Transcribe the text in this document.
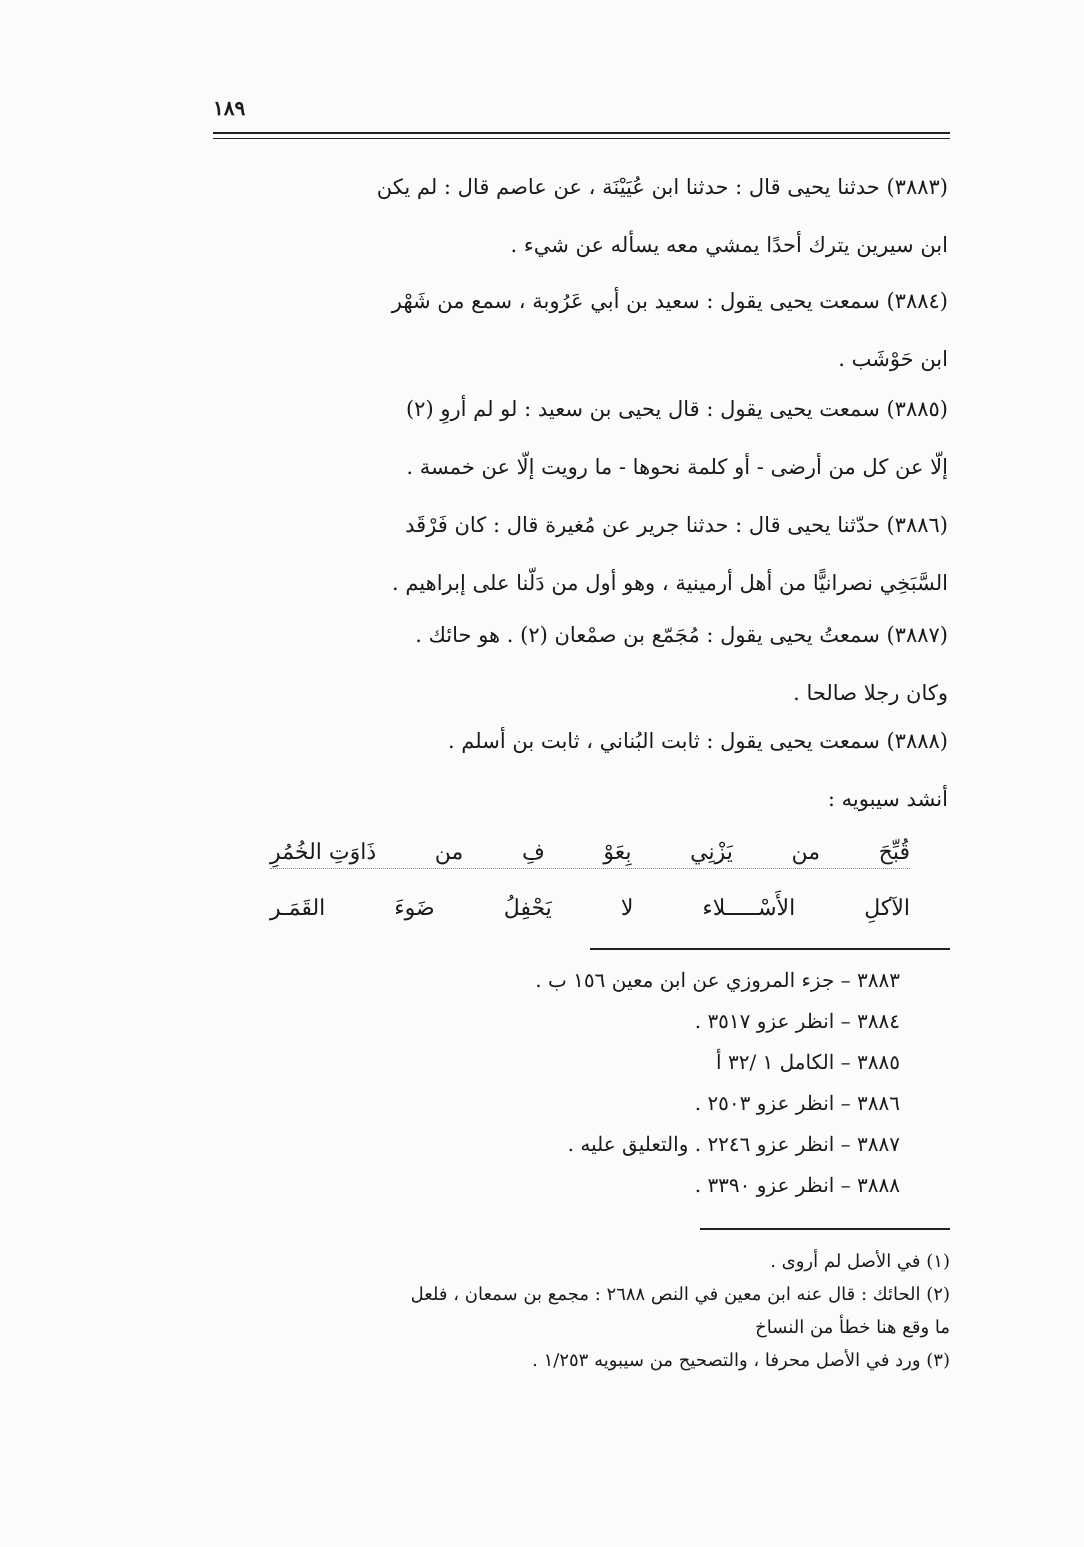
١٨٩
(٣٨٨٣) حدثنا يحيى قال : حدثنا ابن عُيَيْنَة ، عن عاصم قال : لم يكن
ابن سيرين يترك أحدًا يمشي معه يسأله عن شيء .
(٣٨٨٤) سمعت يحيى يقول : سعيد بن أبي عَرُوبة ، سمع من شَهْر
ابن حَوْشَب .
(٣٨٨٥) سمعت يحيى يقول : قال يحيى بن سعيد : لو لم أروِ (٢)
إلّا عن كل من أرضى - أو كلمة نحوها - ما رويت إلّا عن خمسة .
(٣٨٨٦) حدّثنا يحيى قال : حدثنا جرير عن مُغيرة قال : كان فَرْقَد
السَّبَخِي نصرانيًّا من أهل أرمينية ، وهو أول من دَلّنا على إبراهيم .
(٣٨٨٧) سمعتُ يحيى يقول : مُجَمّع بن صمْعان (٢) . هو حائك .
وكان رجلا صالحا .
(٣٨٨٨) سمعت يحيى يقول : ثابت البُناني ، ثابت بن أسلم .
أنشد سيبويه :
قُبِّحَ
من
يَزْنِي
بِعَوْ
فِ
من
ذَاوَتِ الخُمُرِ
الآكلِ
الأَسْـــــلاء
لا
يَحْفِلُ
ضَوءَ
القَمَـر
٣٨٨٣ – جزء المروزي عن ابن معين ١٥٦ ب .
٣٨٨٤ – انظر عزو ٣٥١٧ .
٣٨٨٥ – الكامل ١ /٣٢ أ
٣٨٨٦ – انظر عزو ٢٥٠٣ .
٣٨٨٧ – انظر عزو ٢٢٤٦ . والتعليق عليه .
٣٨٨٨ – انظر عزو ٣٣٩٠ .
(١) في الأصل لم أروى .
(٢) الحائك : قال عنه ابن معين في النص ٢٦٨٨ : مجمع بن سمعان ، فلعل
ما وقع هنا خطأ من النساخ
(٣) ورد في الأصل محرفا ، والتصحيح من سيبويه ١/٢٥٣ .
